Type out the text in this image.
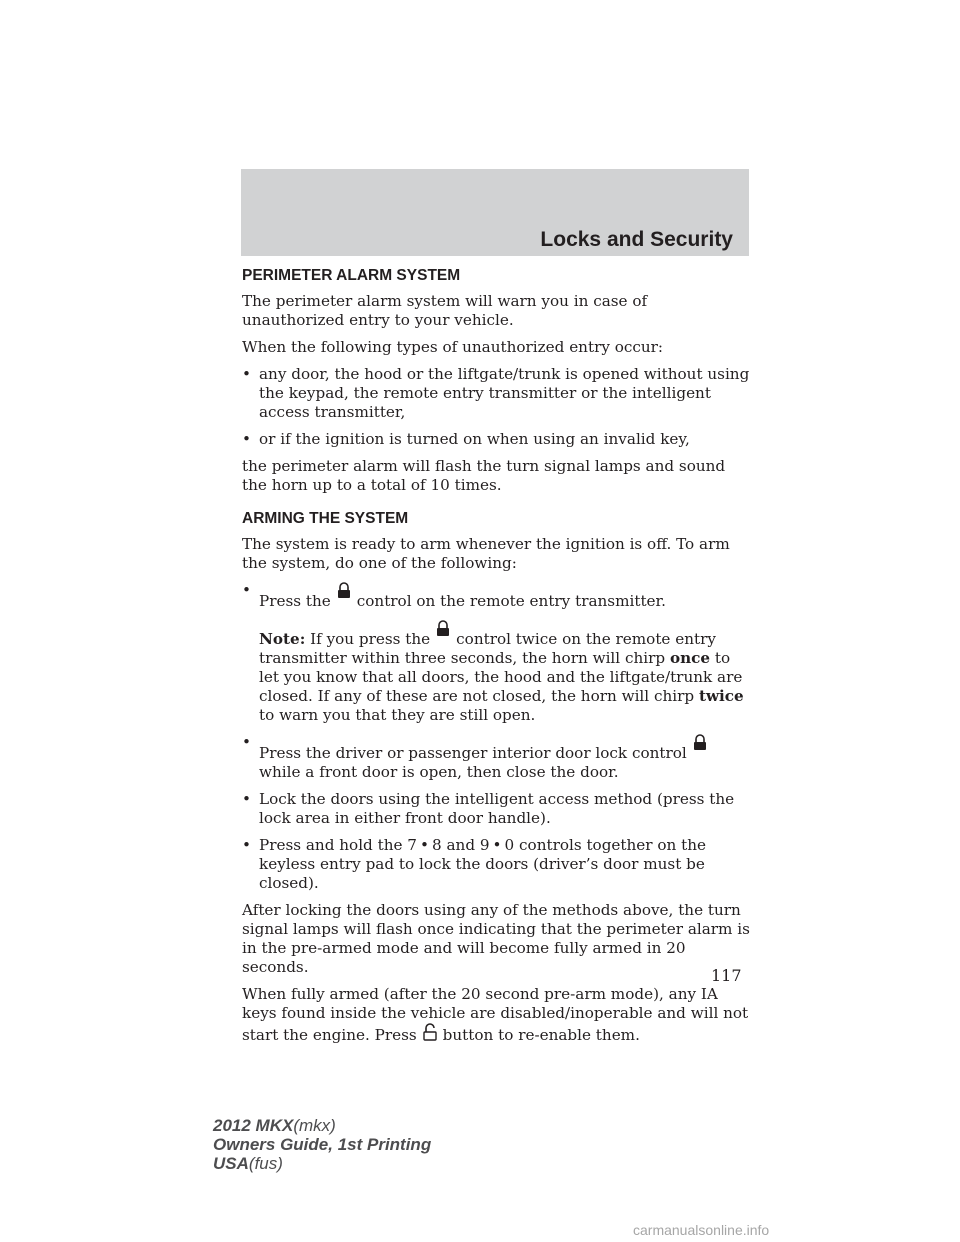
Locks and Security
PERIMETER ALARM SYSTEM

The perimeter alarm system will warn you in case of unauthorized entry to your vehicle.

When the following types of unauthorized entry occur:

• any door, the hood or the liftgate/trunk is opened without using the keypad, the remote entry transmitter or the intelligent access transmitter,
• or if the ignition is turned on when using an invalid key,

the perimeter alarm will flash the turn signal lamps and sound the horn up to a total of 10 times.

ARMING THE SYSTEM

The system is ready to arm whenever the ignition is off. To arm the system, do one of the following:

•
Press the control on the remote entry transmitter.
Note: If you press the control twice on the remote entry transmitter within three seconds, the horn will chirp once to let you know that all doors, the hood and the liftgate/trunk are closed. If any of these are not closed, the horn will chirp twice to warn you that they are still open.
•
Press the driver or passenger interior door lock controlwhile a front door is open, then close the door.
• Lock the doors using the intelligent access method (press the lock area in either front door handle).
• Press and hold the 7 • 8 and 9 • 0 controls together on the keyless entry pad to lock the doors (driver’s door must be closed).

After locking the doors using any of the methods above, the turn signal lamps will flash once indicating that the perimeter alarm is in the pre-armed mode and will become fully armed in 20 seconds.

When fully armed (after the 20 second pre-arm mode), any IA keys found inside the vehicle are disabled/inoperable and will not start the engine. Press button to re-enable them.

117
2012 MKX(mkx)
Owners Guide, 1st Printing
USA(fus)
carmanualsonline.info
